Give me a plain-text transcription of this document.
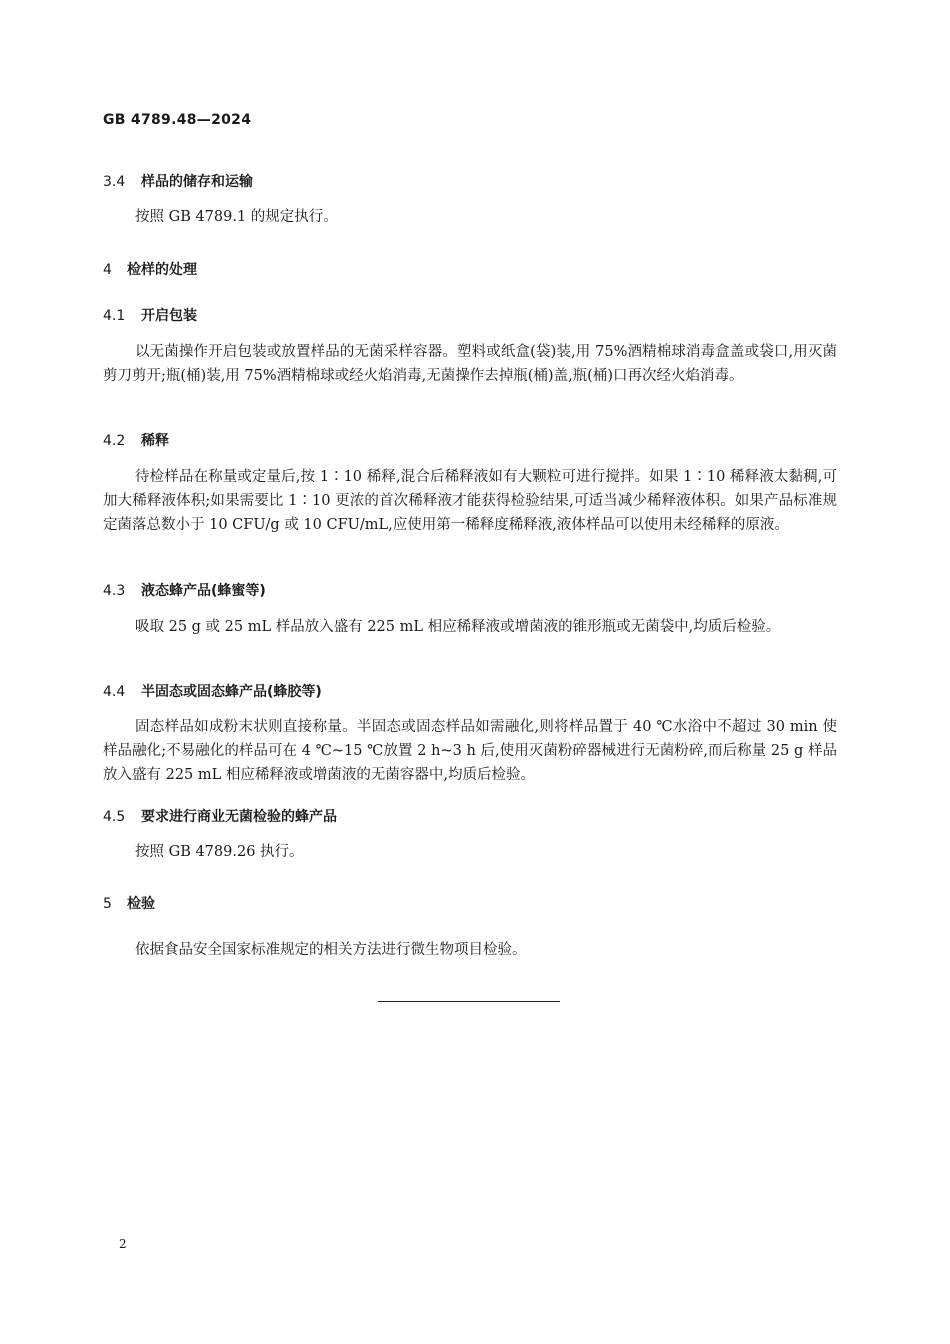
GB 4789.48—2024
3.4 样品的储存和运输
按照 GB 4789.1 的规定执行。
4 检样的处理
4.1 开启包装
以无菌操作开启包装或放置样品的无菌采样容器。塑料或纸盒(袋)装,用 75%酒精棉球消毒盒盖或袋口,用灭菌剪刀剪开;瓶(桶)装,用 75%酒精棉球或经火焰消毒,无菌操作去掉瓶(桶)盖,瓶(桶)口再次经火焰消毒。
4.2 稀释
待检样品在称量或定量后,按 1∶10 稀释,混合后稀释液如有大颗粒可进行搅拌。如果 1∶10 稀释液太黏稠,可加大稀释液体积;如果需要比 1∶10 更浓的首次稀释液才能获得检验结果,可适当减少稀释液体积。如果产品标准规定菌落总数小于 10 CFU/g 或 10 CFU/mL,应使用第一稀释度稀释液,液体样品可以使用未经稀释的原液。
4.3 液态蜂产品(蜂蜜等)
吸取 25 g 或 25 mL 样品放入盛有 225 mL 相应稀释液或增菌液的锥形瓶或无菌袋中,均质后检验。
4.4 半固态或固态蜂产品(蜂胶等)
固态样品如成粉末状则直接称量。半固态或固态样品如需融化,则将样品置于 40 ℃水浴中不超过 30 min 使样品融化;不易融化的样品可在 4 ℃~15 ℃放置 2 h~3 h 后,使用灭菌粉碎器械进行无菌粉碎,而后称量 25 g 样品放入盛有 225 mL 相应稀释液或增菌液的无菌容器中,均质后检验。
4.5 要求进行商业无菌检验的蜂产品
按照 GB 4789.26 执行。
5 检验
依据食品安全国家标准规定的相关方法进行微生物项目检验。
2
